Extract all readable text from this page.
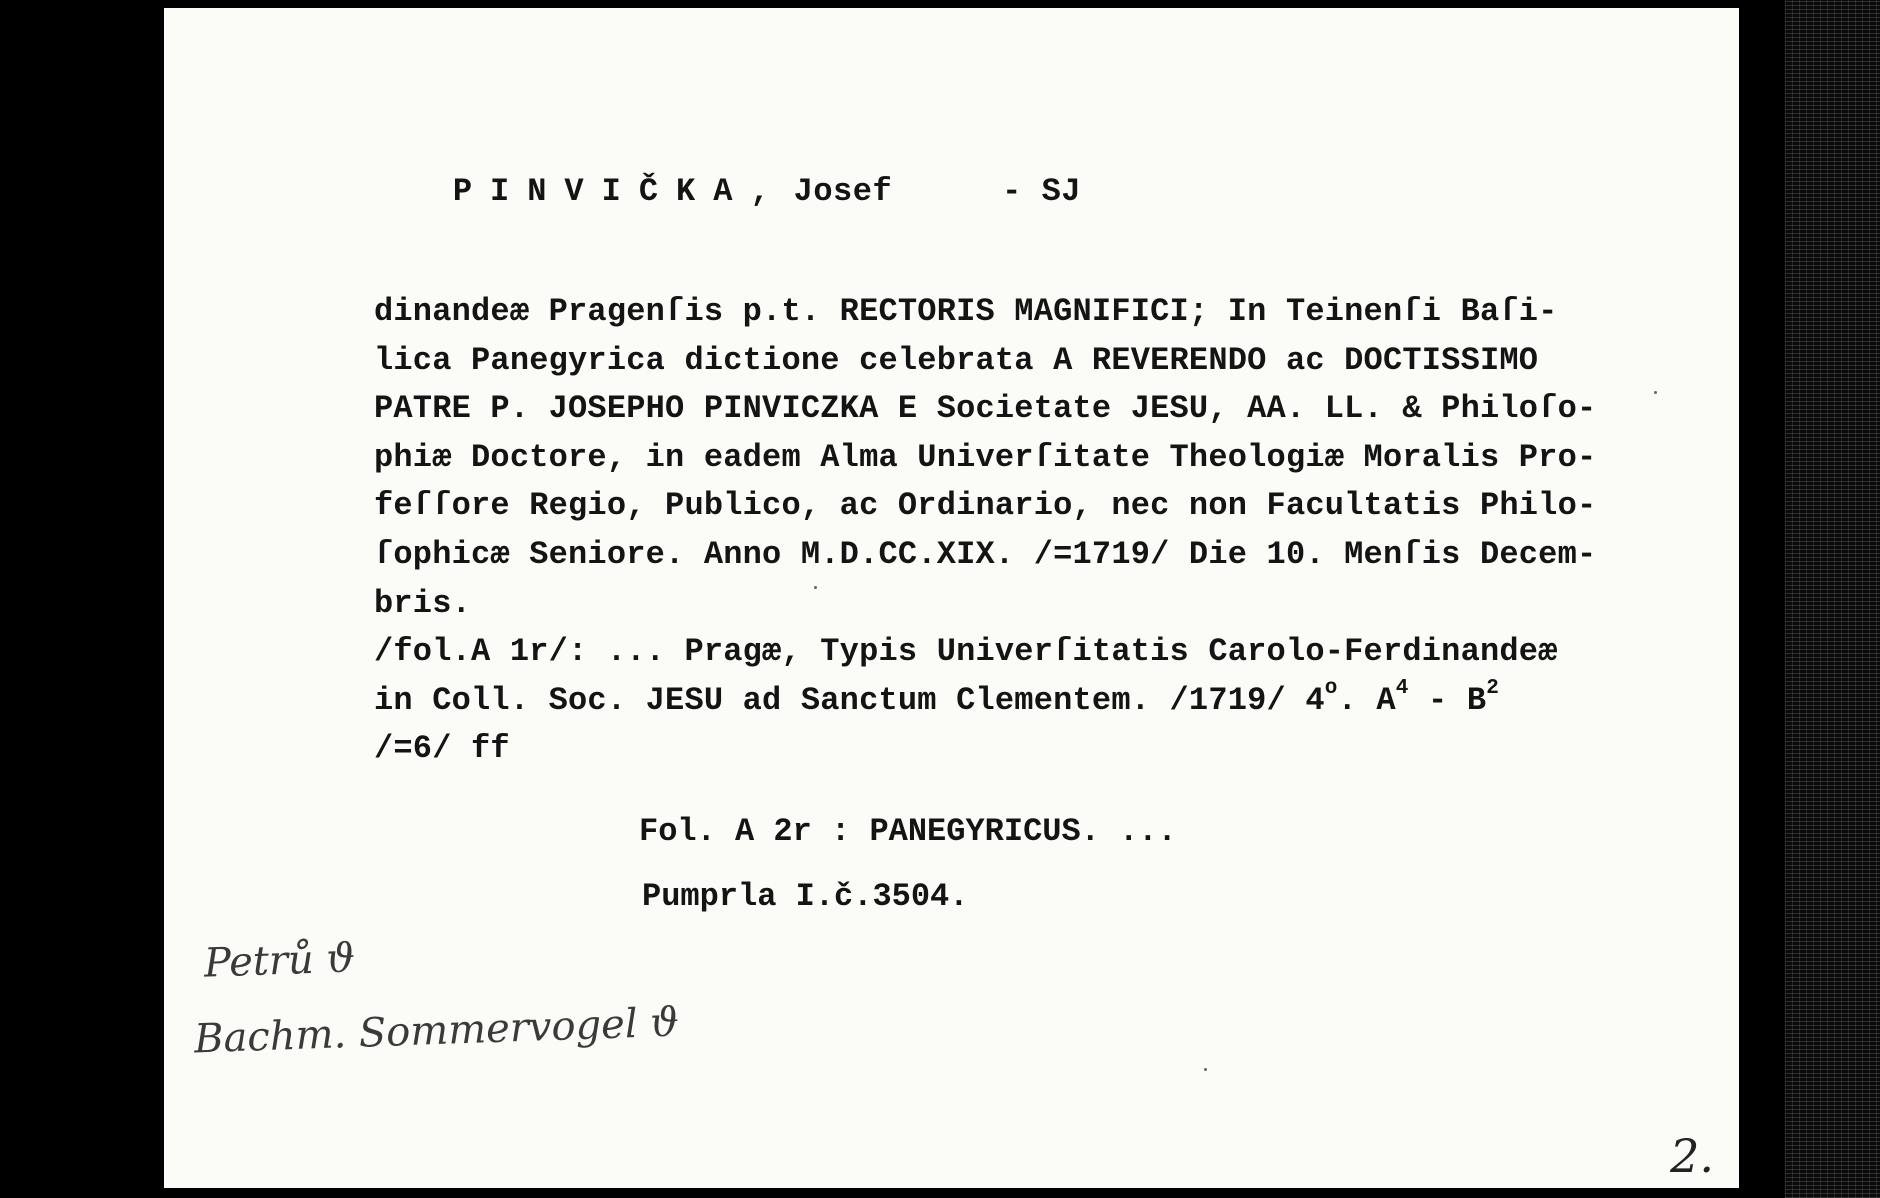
PINVIČKA, Josef	- SJ

dinandeæ Pragenſis p.t. RECTORIS MAGNIFICI; In Teinenſi Baſi-
lica Panegyrica dictione celebrata A REVERENDO ac DOCTISSIMO
PATRE P. JOSEPHO PINVICZKA E Societate JESU, AA. LL. & Philoſo-
phiæ Doctore, in eadem Alma Univerſitate Theologiæ Moralis Pro-
feſſore Regio, Publico, ac Ordinario, nec non Facultatis Philo-
ſophicæ Seniore. Anno M.D.CC.XIX. /=1719/ Die 10. Menſis Decem-
bris.
/fol.A 1r/: ... Pragæ, Typis Univerſitatis Carolo-Ferdinandeæ
in Coll. Soc. JESU ad Sanctum Clementem. /1719/ 4$^o$. $A^4 - B^2$
/=6/ ff
Fol. A 2r : PANEGYRICUS. ...
Pumprla I.č.3504.
Petrů ϑ
Bachm. Sommervogel ϑ
2.
